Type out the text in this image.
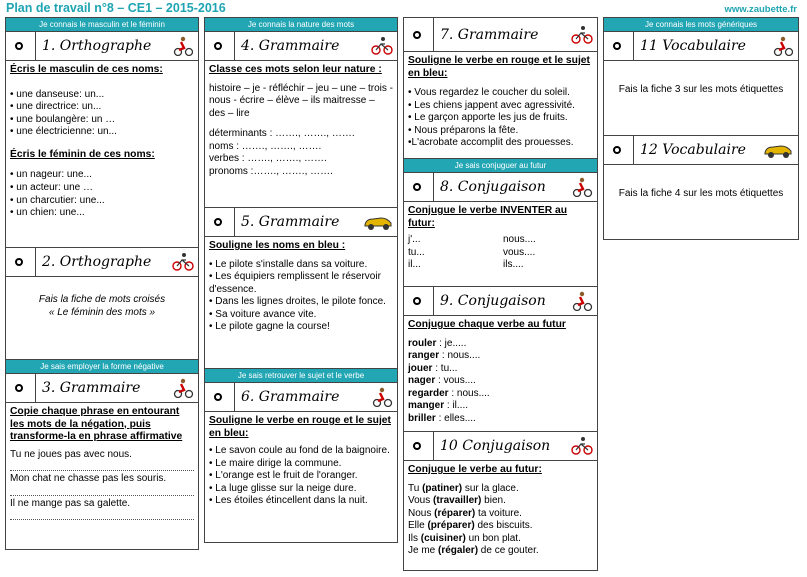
Plan de travail n°8 – CE1 – 2015-2016	www.zaubette.fr
Je connais le masculin et le féminin
1. Orthographe
Écris le masculin de ces noms:
• une danseuse: un...
• une directrice: un...
• une boulangère: un …
• une électricienne: un...
Écris le féminin de ces noms:
• un nageur: une...
• un acteur: une …
• un charcutier: une...
• un chien: une...
2. Orthographe
Fais la fiche de mots croisés
« Le féminin des mots »
Je sais employer la forme négative
3. Grammaire
Copie chaque phrase en entourant les mots de la négation, puis transforme-la en phrase affirmative
Tu ne joues pas avec nous.
Mon chat ne chasse pas les souris.
Il ne mange pas sa galette.
Je connais la nature des mots
4. Grammaire
Classe ces mots selon leur nature :
histoire – je - réfléchir – jeu – une – trois - nous - écrire – élève – ils maitresse – des – lire
déterminants : ……., ……., …….
noms : ……., ……., …….
verbes : ……., ……., …….
pronoms :……., ……., …….
5. Grammaire
Souligne les noms en bleu :
• Le pilote s'installe dans sa voiture.
• Les équipiers remplissent le réservoir d'essence.
• Dans les lignes droites, le pilote fonce.
• Sa voiture avance vite.
• Le pilote gagne la course!
Je sais retrouver le sujet et le verbe
6. Grammaire
Souligne le verbe en rouge et le sujet en bleu:
• Le savon coule au fond de la baignoire.
• Le maire dirige la commune.
• L'orange est le fruit de l'oranger.
• La luge glisse sur la neige dure.
• Les étoiles étincellent dans la nuit.
7. Grammaire
Souligne le verbe en rouge et le sujet en bleu:
• Vous regardez le coucher du soleil.
• Les chiens jappent avec agressivité.
• Le garçon apporte les jus de fruits.
• Nous préparons la fête.
•L'acrobate accomplit des prouesses.
Je sais conjuguer au futur
8. Conjugaison
Conjugue le verbe INVENTER au futur:
j'...
tu...
il...
nous....
vous....
ils....
9. Conjugaison
Conjugue chaque verbe au futur
rouler : je.....
ranger : nous....
jouer : tu...
nager : vous....
regarder : nous....
manger : il....
briller : elles....
10 Conjugaison
Conjugue le verbe au futur:
Tu (patiner) sur la glace.
Vous (travailler) bien.
Nous (réparer) ta voiture.
Elle (préparer) des biscuits.
Ils (cuisiner) un bon plat.
Je me (régaler) de ce gouter.
Je connais les mots génériques
11 Vocabulaire
Fais la fiche 3 sur les mots étiquettes
12 Vocabulaire
Fais la fiche 4 sur les mots étiquettes
